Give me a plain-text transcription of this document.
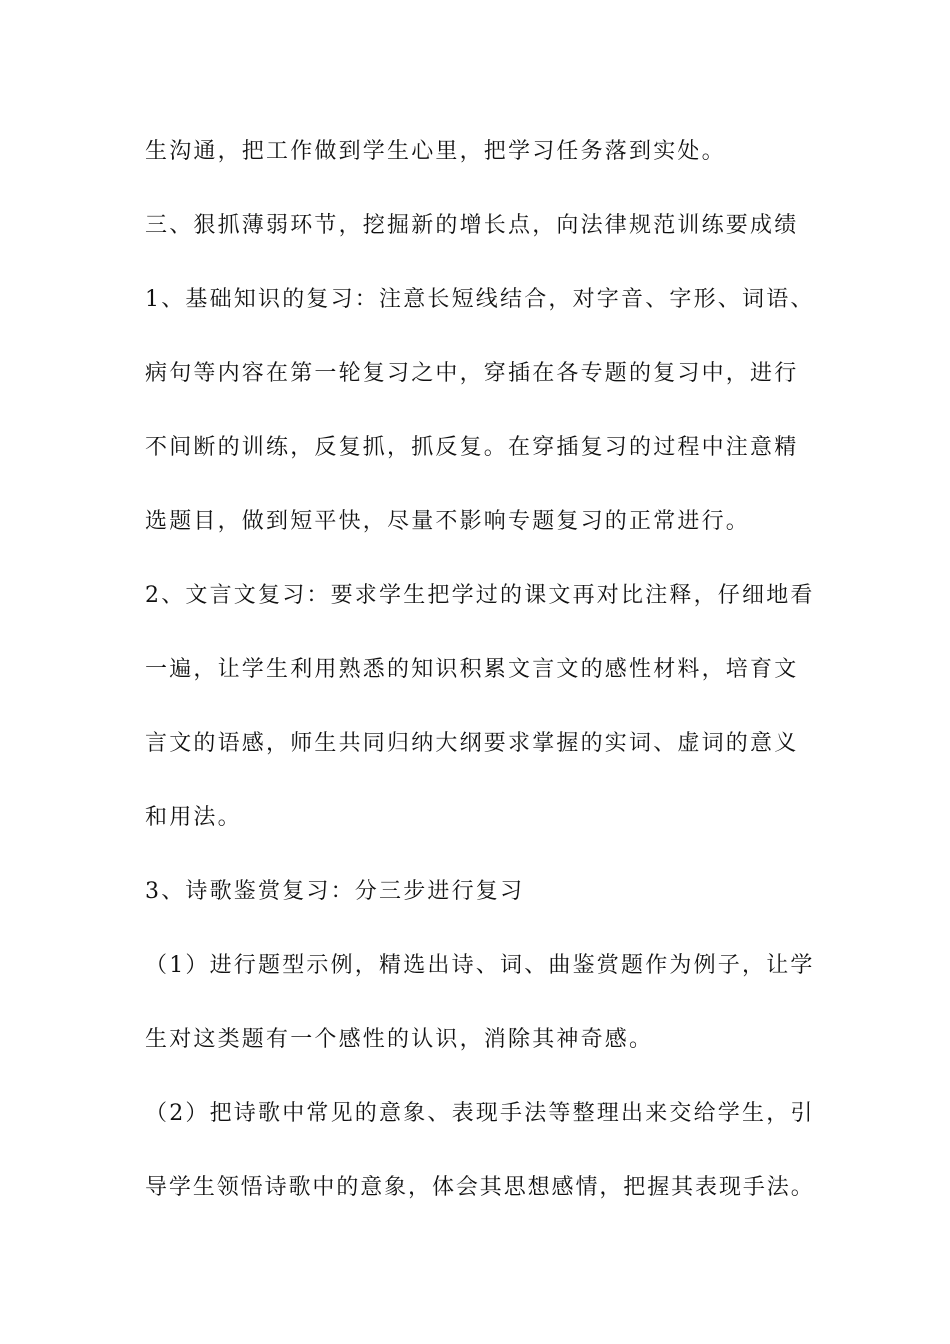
生沟通，把工作做到学生心里，把学习任务落到实处。
三、狠抓薄弱环节，挖掘新的增长点，向法律规范训练要成绩
1、基础知识的复习：注意长短线结合，对字音、字形、词语、
病句等内容在第一轮复习之中，穿插在各专题的复习中，进行
不间断的训练，反复抓，抓反复。在穿插复习的过程中注意精
选题目，做到短平快，尽量不影响专题复习的正常进行。
2、文言文复习：要求学生把学过的课文再对比注释，仔细地看
一遍，让学生利用熟悉的知识积累文言文的感性材料，培育文
言文的语感，师生共同归纳大纲要求掌握的实词、虚词的意义
和用法。
3、诗歌鉴赏复习：分三步进行复习
（1）进行题型示例，精选出诗、词、曲鉴赏题作为例子，让学
生对这类题有一个感性的认识，消除其神奇感。
（2）把诗歌中常见的意象、表现手法等整理出来交给学生，引
导学生领悟诗歌中的意象，体会其思想感情，把握其表现手法。
